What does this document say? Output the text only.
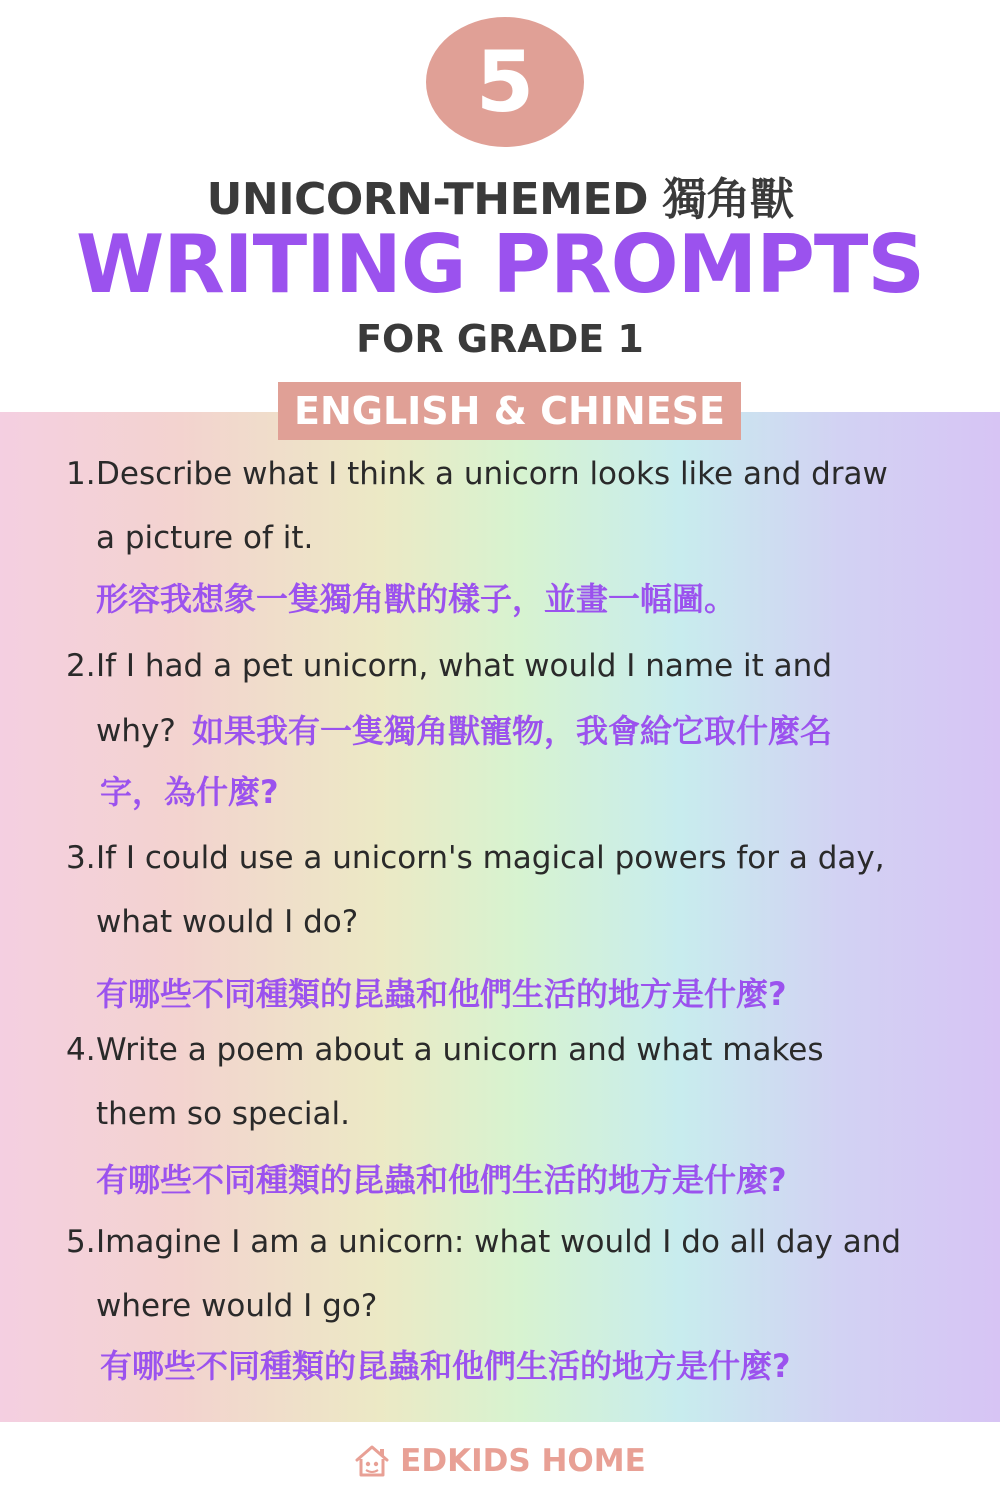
5
UNICORN-THEMED 獨角獸
WRITING PROMPTS
FOR GRADE 1
ENGLISH & CHINESE
1. Describe what I think a unicorn looks like and draw
a picture of it.
形容我想象一隻獨角獸的樣子，並畫一幅圖。
2. If I had a pet unicorn, what would I name it and
why? 如果我有一隻獨角獸寵物，我會給它取什麼名
字，為什麼?
3. If I could use a unicorn's magical powers for a day,
what would I do?
有哪些不同種類的昆蟲和他們生活的地方是什麼?
4. Write a poem about a unicorn and what makes
them so special.
有哪些不同種類的昆蟲和他們生活的地方是什麼?
5. Imagine I am a unicorn: what would I do all day and
where would I go?
有哪些不同種類的昆蟲和他們生活的地方是什麼?
EDKIDS HOME
